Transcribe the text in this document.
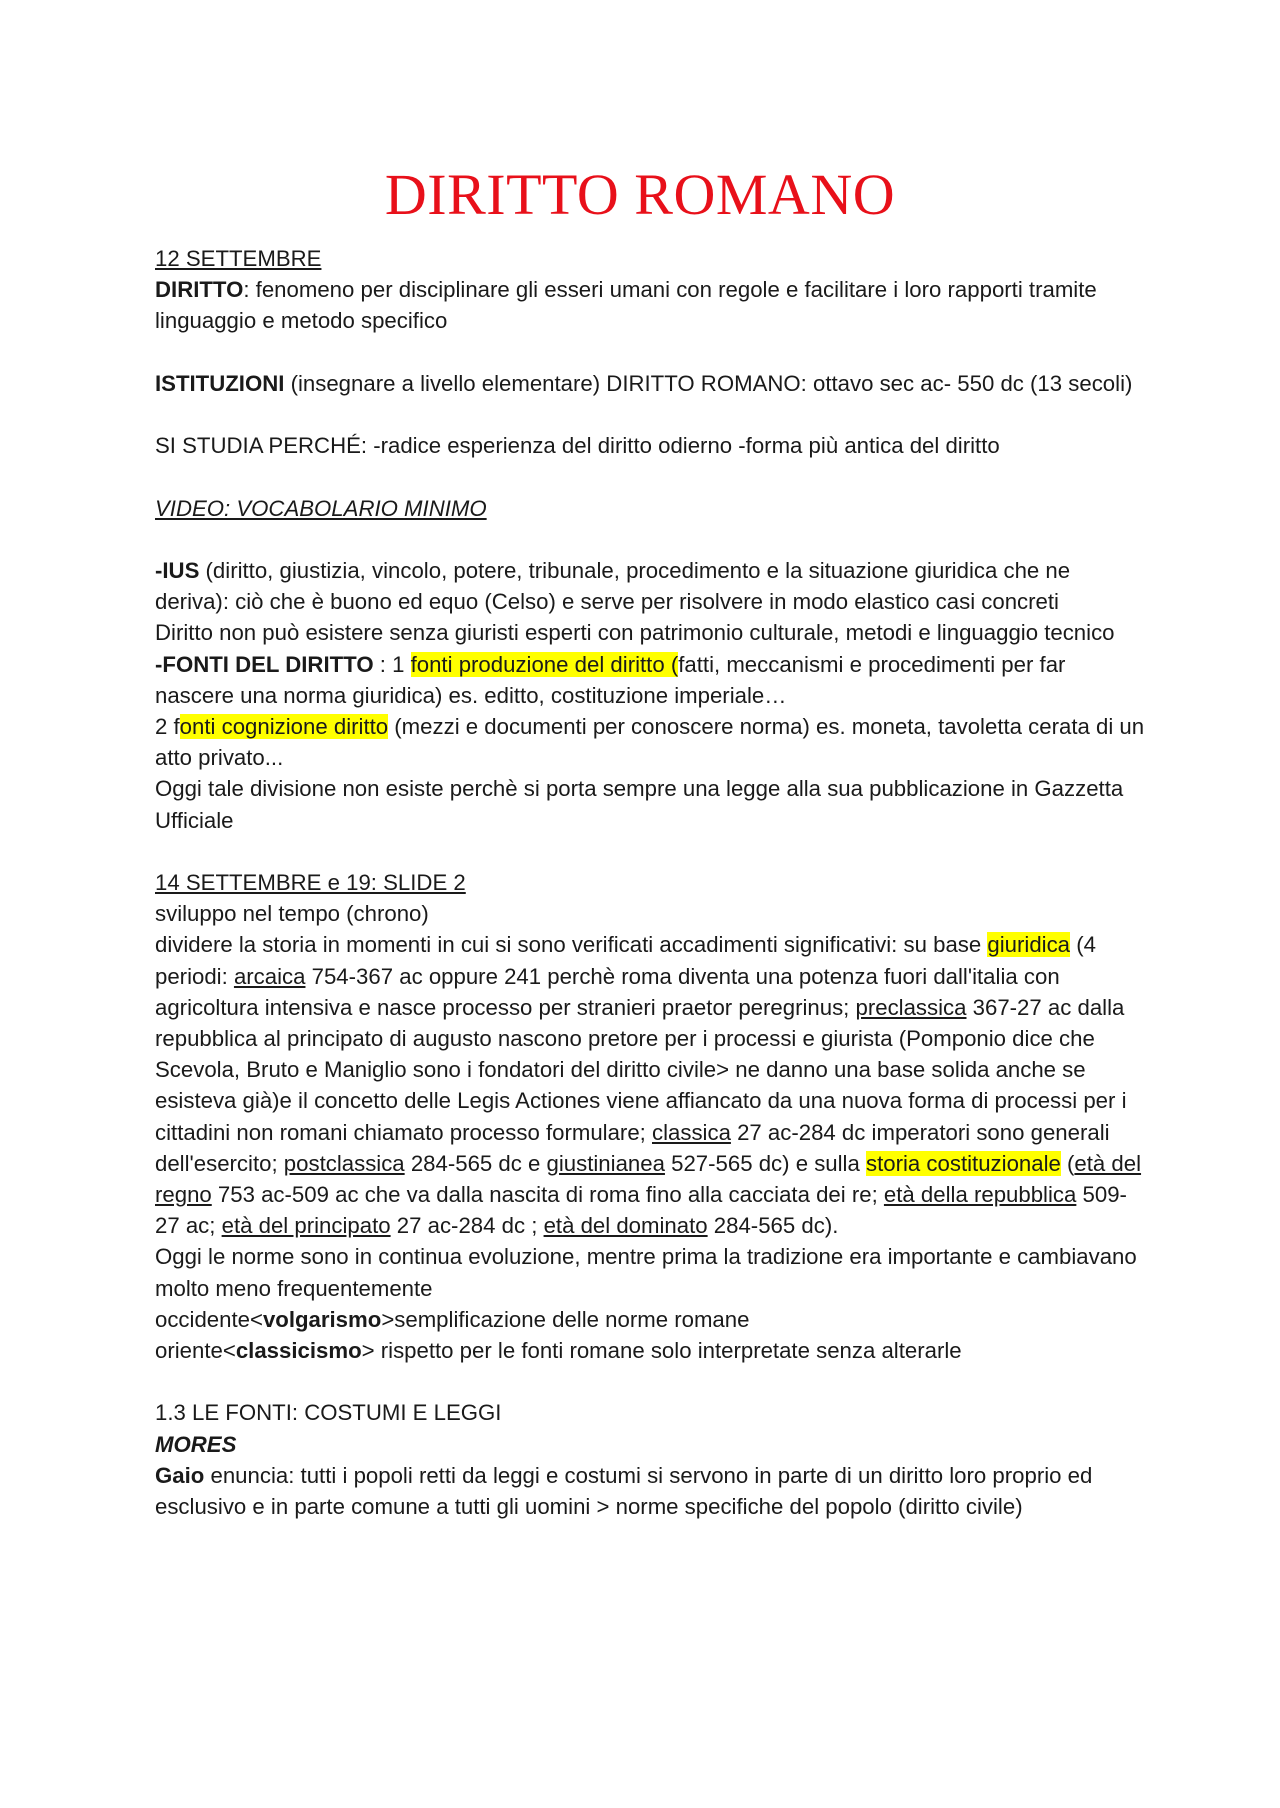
DIRITTO ROMANO

12 SETTEMBRE

DIRITTO: fenomeno per disciplinare gli esseri umani con regole e facilitare i loro rapporti tramite linguaggio e metodo specifico

ISTITUZIONI (insegnare a livello elementare) DIRITTO ROMANO: ottavo sec ac- 550 dc (13 secoli)

SI STUDIA PERCHÉ: -radice esperienza del diritto odierno -forma più antica del diritto

VIDEO: VOCABOLARIO MINIMO

-IUS (diritto, giustizia, vincolo, potere, tribunale, procedimento e la situazione giuridica che ne deriva): ciò che è buono ed equo (Celso) e serve per risolvere in modo elastico casi concreti

Diritto non può esistere senza giuristi esperti con patrimonio culturale, metodi e linguaggio tecnico

-FONTI DEL DIRITTO : 1 fonti produzione del diritto (fatti, meccanismi e procedimenti per far nascere una norma giuridica) es. editto, costituzione imperiale…

2 fonti cognizione diritto (mezzi e documenti per conoscere norma) es. moneta, tavoletta cerata di un atto privato...

Oggi tale divisione non esiste perchè si porta sempre una legge alla sua pubblicazione in Gazzetta Ufficiale

14 SETTEMBRE e 19: SLIDE 2

sviluppo nel tempo (chrono)

dividere la storia in momenti in cui si sono verificati accadimenti significativi: su base giuridica (4 periodi: arcaica 754-367 ac oppure 241 perchè roma diventa una potenza fuori dall'italia con agricoltura intensiva e nasce processo per stranieri praetor peregrinus; preclassica 367-27 ac dalla repubblica al principato di augusto nascono pretore per i processi e giurista (Pomponio dice che Scevola, Bruto e Maniglio sono i fondatori del diritto civile> ne danno una base solida anche se esisteva già)e il concetto delle Legis Actiones viene affiancato da una nuova forma di processi per i cittadini non romani chiamato processo formulare; classica 27 ac-284 dc imperatori sono generali dell'esercito; postclassica 284-565 dc e giustinianea 527-565 dc) e sulla storia costituzionale (età del regno 753 ac-509 ac che va dalla nascita di roma fino alla cacciata dei re; età della repubblica 509-27 ac; età del principato 27 ac-284 dc ; età del dominato 284-565 dc).

Oggi le norme sono in continua evoluzione, mentre prima la tradizione era importante e cambiavano molto meno frequentemente

occidente<volgarismo>semplificazione delle norme romane

oriente<classicismo> rispetto per le fonti romane solo interpretate senza alterarle

1.3 LE FONTI: COSTUMI E LEGGI

MORES

Gaio enuncia: tutti i popoli retti da leggi e costumi si servono in parte di un diritto loro proprio ed esclusivo e in parte comune a tutti gli uomini > norme specifiche del popolo (diritto civile)
